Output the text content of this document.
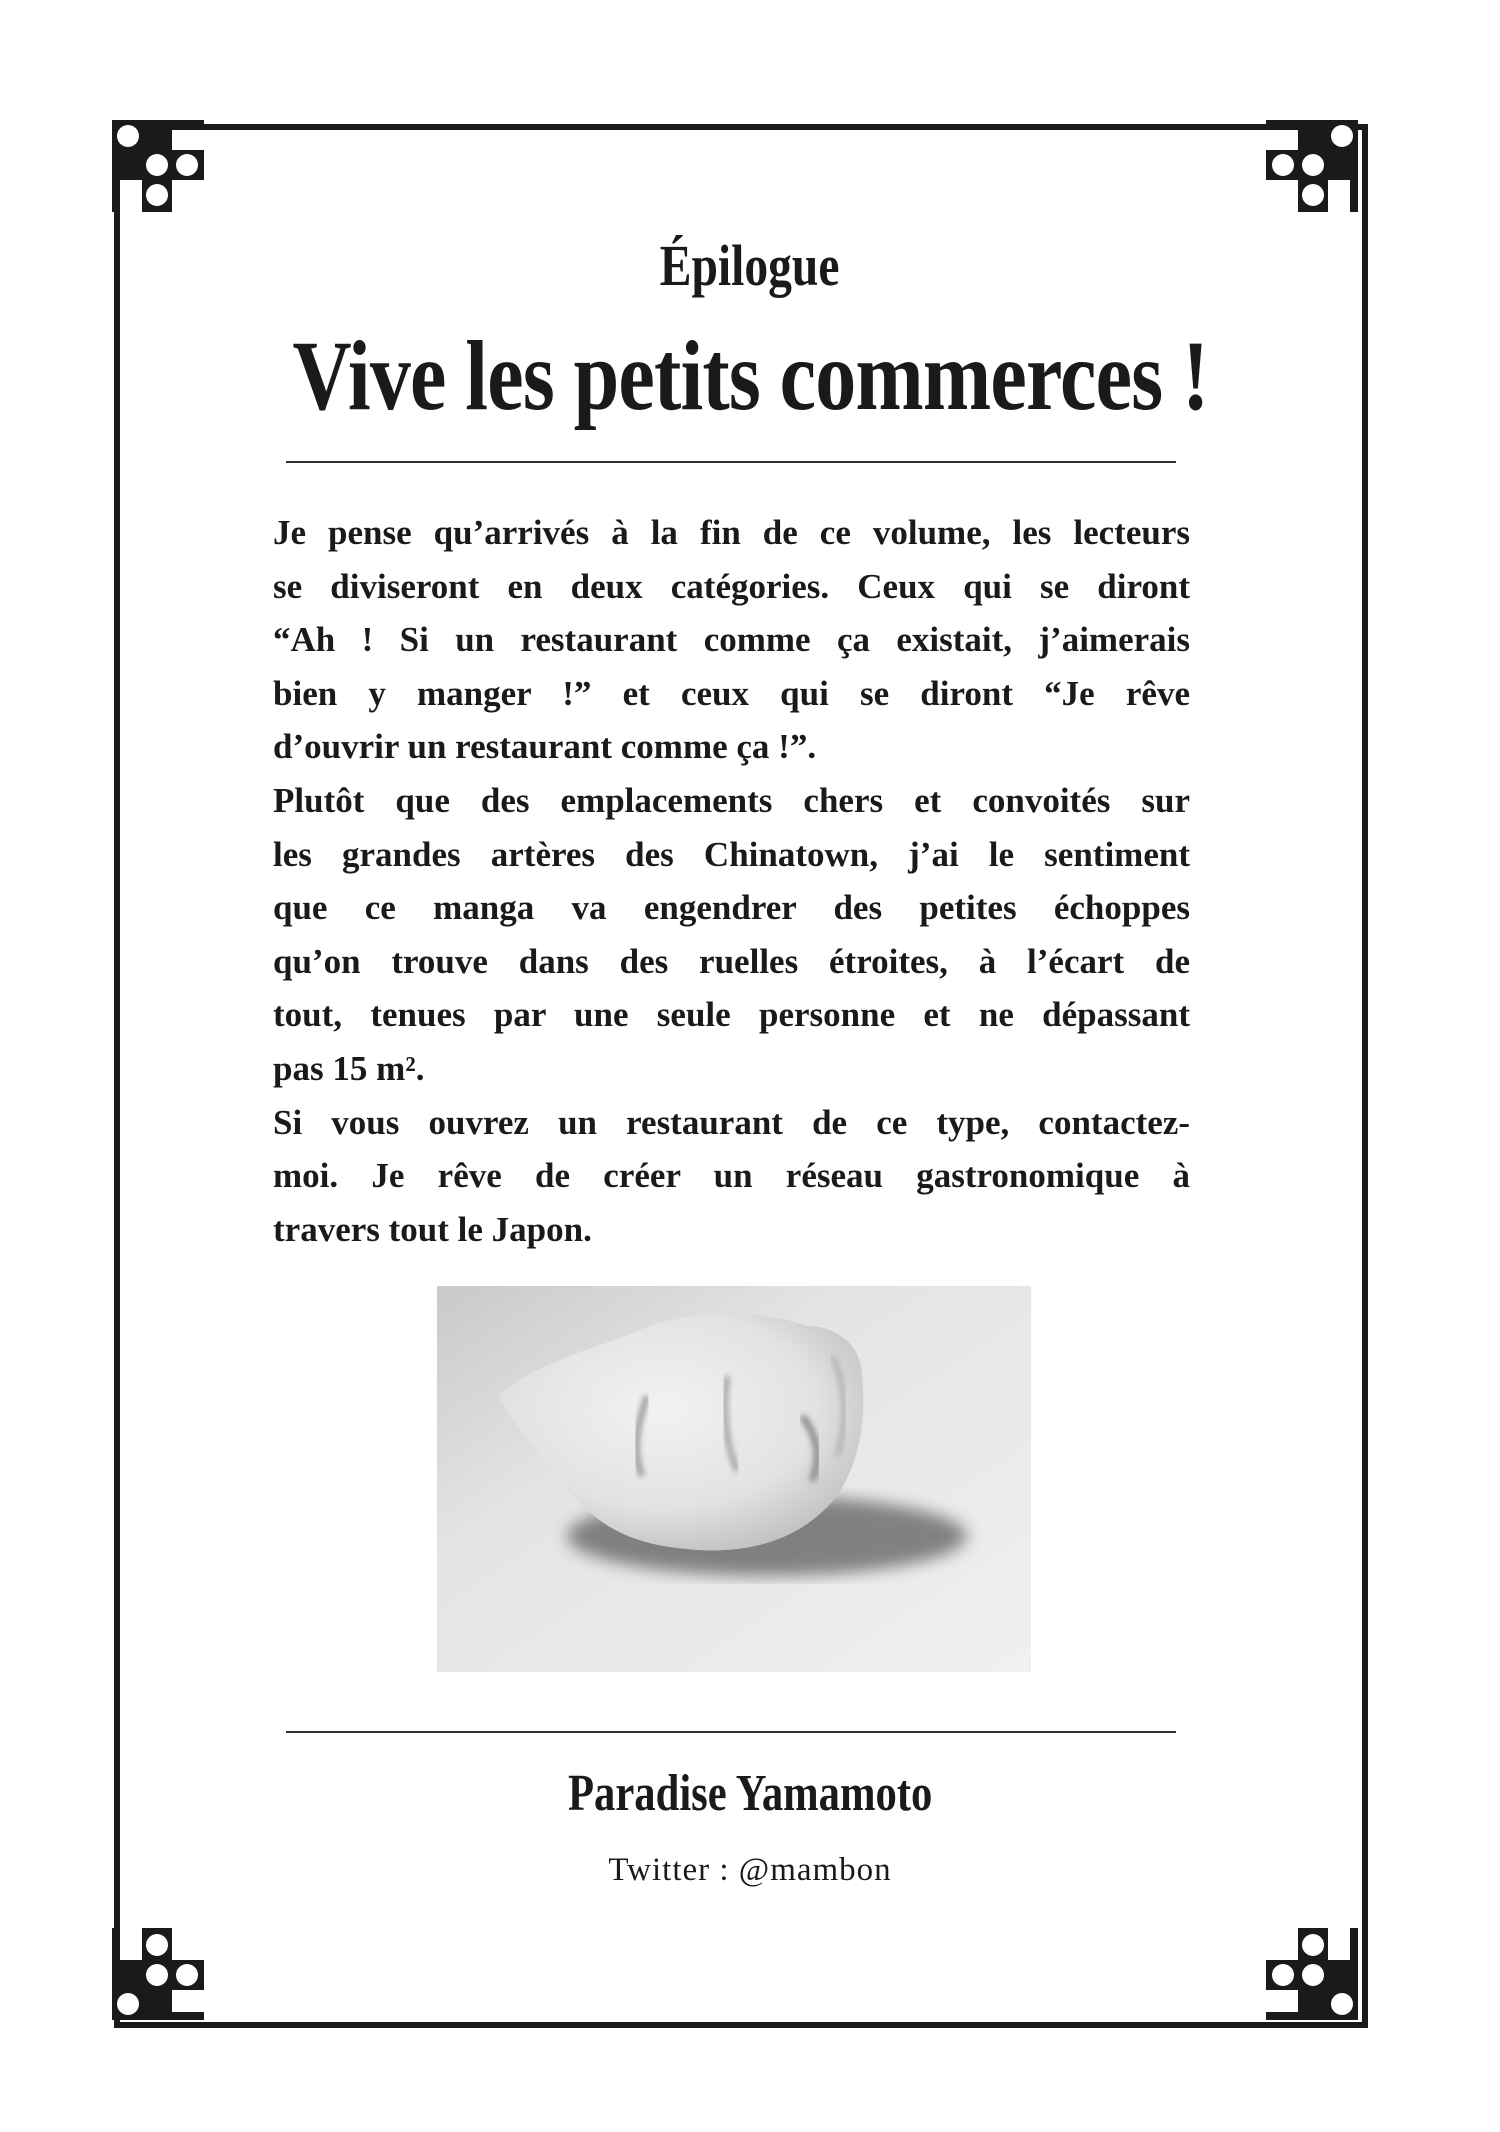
Épilogue
Vive les petits commerces !
Je pense qu’arrivés à la fin de ce volume, les lecteurs
se diviseront en deux catégories. Ceux qui se diront
“Ah ! Si un restaurant comme ça existait, j’aimerais
bien y manger !” et ceux qui se diront “Je rêve
d’ouvrir un restaurant comme ça !”.
Plutôt que des emplacements chers et convoités sur
les grandes artères des Chinatown, j’ai le sentiment
que ce manga va engendrer des petites échoppes
qu’on trouve dans des ruelles étroites, à l’écart de
tout, tenues par une seule personne et ne dépassant
pas 15 m².
Si vous ouvrez un restaurant de ce type, contactez-
moi. Je rêve de créer un réseau gastronomique à
travers tout le Japon.
Paradise Yamamoto
Twitter : @mambon
